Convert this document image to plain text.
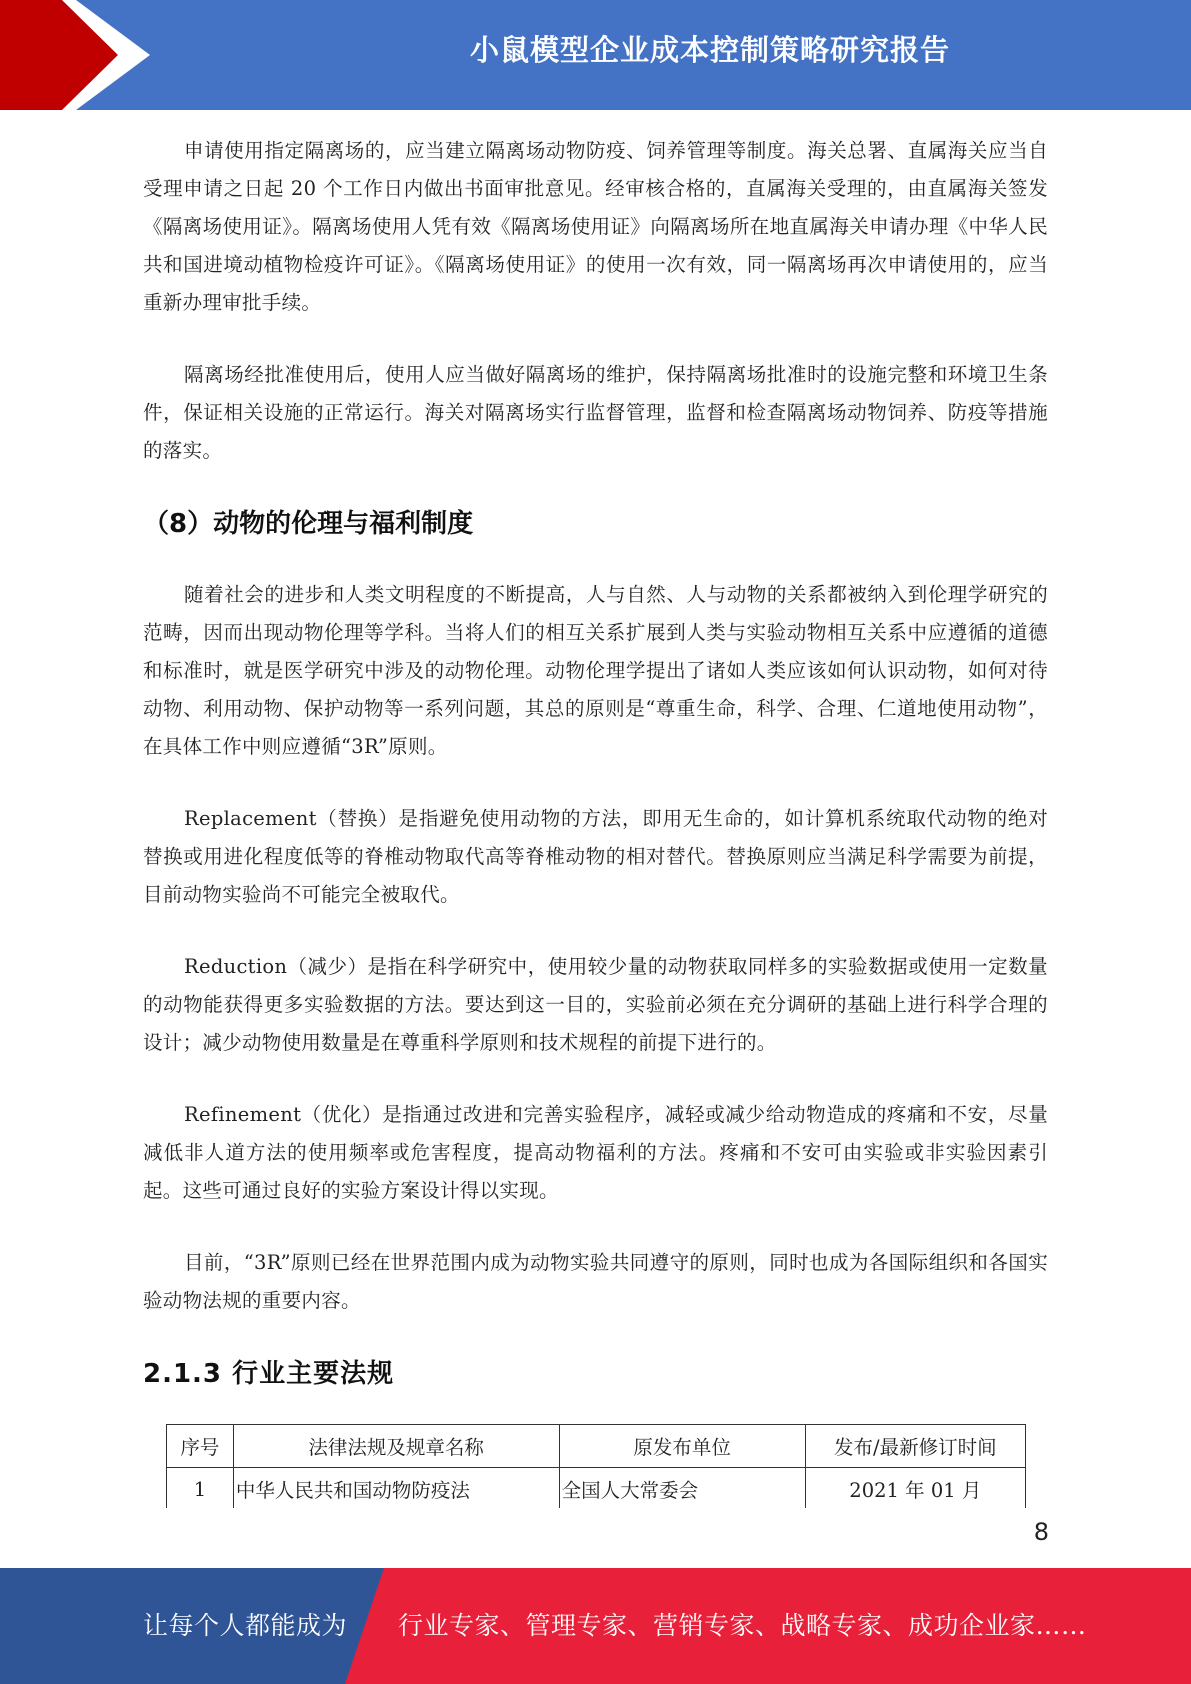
小鼠模型企业成本控制策略研究报告

申请使用指定隔离场的，应当建立隔离场动物防疫、饲养管理等制度。海关总署、直属海关应当自受理申请之日起 20 个工作日内做出书面审批意见。经审核合格的，直属海关受理的，由直属海关签发《隔离场使用证》。隔离场使用人凭有效《隔离场使用证》向隔离场所在地直属海关申请办理《中华人民共和国进境动植物检疫许可证》。《隔离场使用证》的使用一次有效，同一隔离场再次申请使用的，应当重新办理审批手续。

隔离场经批准使用后，使用人应当做好隔离场的维护，保持隔离场批准时的设施完整和环境卫生条件，保证相关设施的正常运行。海关对隔离场实行监督管理，监督和检查隔离场动物饲养、防疫等措施的落实。

（8）动物的伦理与福利制度

随着社会的进步和人类文明程度的不断提高，人与自然、人与动物的关系都被纳入到伦理学研究的范畴，因而出现动物伦理等学科。当将人们的相互关系扩展到人类与实验动物相互关系中应遵循的道德和标准时，就是医学研究中涉及的动物伦理。动物伦理学提出了诸如人类应该如何认识动物，如何对待动物、利用动物、保护动物等一系列问题，其总的原则是“尊重生命，科学、合理、仁道地使用动物”，在具体工作中则应遵循“3R”原则。

Replacement（替换）是指避免使用动物的方法，即用无生命的，如计算机系统取代动物的绝对替换或用进化程度低等的脊椎动物取代高等脊椎动物的相对替代。替换原则应当满足科学需要为前提，目前动物实验尚不可能完全被取代。

Reduction（减少）是指在科学研究中，使用较少量的动物获取同样多的实验数据或使用一定数量的动物能获得更多实验数据的方法。要达到这一目的，实验前必须在充分调研的基础上进行科学合理的设计；减少动物使用数量是在尊重科学原则和技术规程的前提下进行的。

Refinement（优化）是指通过改进和完善实验程序，减轻或减少给动物造成的疼痛和不安，尽量减低非人道方法的使用频率或危害程度，提高动物福利的方法。疼痛和不安可由实验或非实验因素引起。这些可通过良好的实验方案设计得以实现。

目前，“3R”原则已经在世界范围内成为动物实验共同遵守的原则，同时也成为各国际组织和各国实验动物法规的重要内容。

2.1.3 行业主要法规
序号	法律法规及规章名称	原发布单位	发布/最新修订时间
1	中华人民共和国动物防疫法	全国人大常委会	2021 年 01 月
8
让每个人都能成为 行业专家、管理专家、营销专家、战略专家、成功企业家……
